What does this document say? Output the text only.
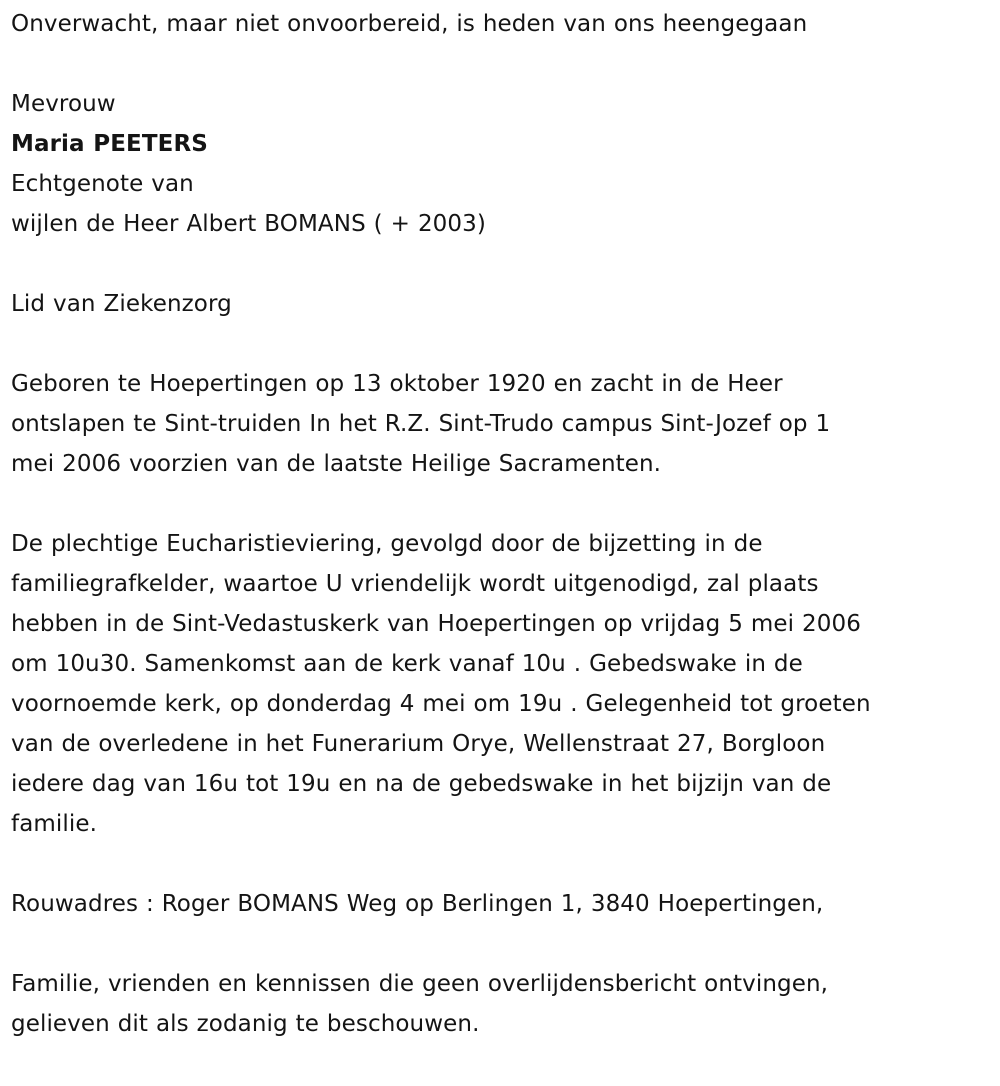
Onverwacht, maar niet onvoorbereid, is heden van ons heengegaan

Mevrouw

Maria PEETERS

Echtgenote van

wijlen de Heer Albert BOMANS ( + 2003)

Lid van Ziekenzorg

Geboren te Hoepertingen op 13 oktober 1920 en zacht in de Heer

ontslapen te Sint-truiden In het R.Z. Sint-Trudo campus Sint-Jozef op 1

mei 2006 voorzien van de laatste Heilige Sacramenten.

De plechtige Eucharistieviering, gevolgd door de bijzetting in de

familiegrafkelder, waartoe U vriendelijk wordt uitgenodigd, zal plaats

hebben in de Sint-Vedastuskerk van Hoepertingen op vrijdag 5 mei 2006

om 10u30. Samenkomst aan de kerk vanaf 10u . Gebedswake in de

voornoemde kerk, op donderdag 4 mei om 19u . Gelegenheid tot groeten

van de overledene in het Funerarium Orye, Wellenstraat 27, Borgloon

iedere dag van 16u tot 19u en na de gebedswake in het bijzijn van de

familie.

Rouwadres : Roger BOMANS Weg op Berlingen 1, 3840 Hoepertingen,

Familie, vrienden en kennissen die geen overlijdensbericht ontvingen,

gelieven dit als zodanig te beschouwen.
